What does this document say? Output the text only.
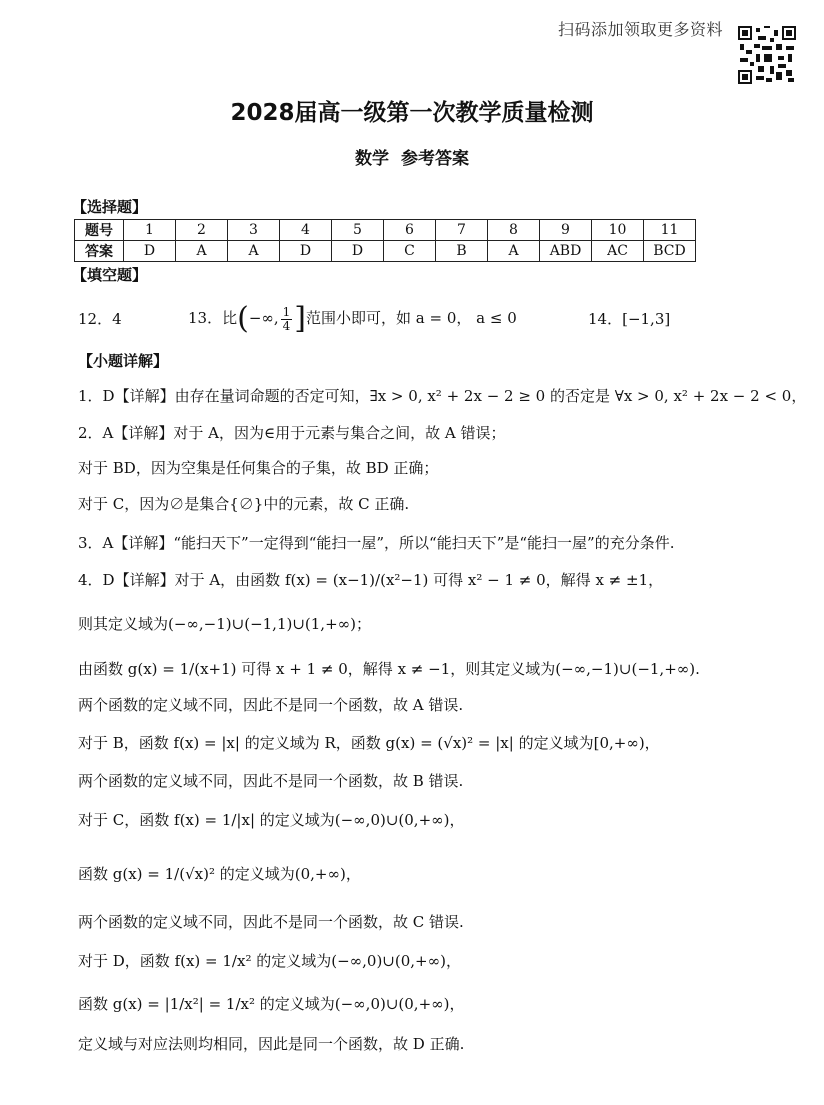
扫码添加领取更多资料
2028届高一级第一次教学质量检测
数学 参考答案
【选择题】
题号	1	2	3	4	5	6	7	8	9	10	11
答案	D	A	A	D	D	C	B	A	ABD	AC	BCD
【填空题】
12．4	13．比(−∞, $\frac{1}{4}$ ]范围小即可，如 a = 0， a ≤ 0	14．[−1,3]
【小题详解】
1．D【详解】由存在量词命题的否定可知，∃x > 0, x² + 2x − 2 ≥ 0 的否定是 ∀x > 0, x² + 2x − 2 < 0，
2．A【详解】对于 A，因为∈用于元素与集合之间，故 A 错误；
对于 BD，因为空集是任何集合的子集，故 BD 正确；
对于 C，因为∅是集合{∅}中的元素，故 C 正确.
3．A【详解】“能扫天下”一定得到“能扫一屋”，所以“能扫天下”是“能扫一屋”的充分条件.
4．D【详解】对于 A，由函数 f(x) = (x−1)/(x²−1) 可得 x² − 1 ≠ 0，解得 x ≠ ±1，
则其定义域为(−∞,−1)∪(−1,1)∪(1,+∞)；
由函数 g(x) = 1/(x+1) 可得 x + 1 ≠ 0，解得 x ≠ −1，则其定义域为(−∞,−1)∪(−1,+∞).
两个函数的定义域不同，因此不是同一个函数，故 A 错误.
对于 B，函数 f(x) = |x| 的定义域为 R，函数 g(x) = (√x)² = |x| 的定义域为[0,+∞)，
两个函数的定义域不同，因此不是同一个函数，故 B 错误.
对于 C，函数 f(x) = 1/|x| 的定义域为(−∞,0)∪(0,+∞)，
函数 g(x) = 1/(√x)² 的定义域为(0,+∞)，
两个函数的定义域不同，因此不是同一个函数，故 C 错误.
对于 D，函数 f(x) = 1/x² 的定义域为(−∞,0)∪(0,+∞)，
函数 g(x) = |1/x²| = 1/x² 的定义域为(−∞,0)∪(0,+∞)，
定义域与对应法则均相同，因此是同一个函数，故 D 正确.
